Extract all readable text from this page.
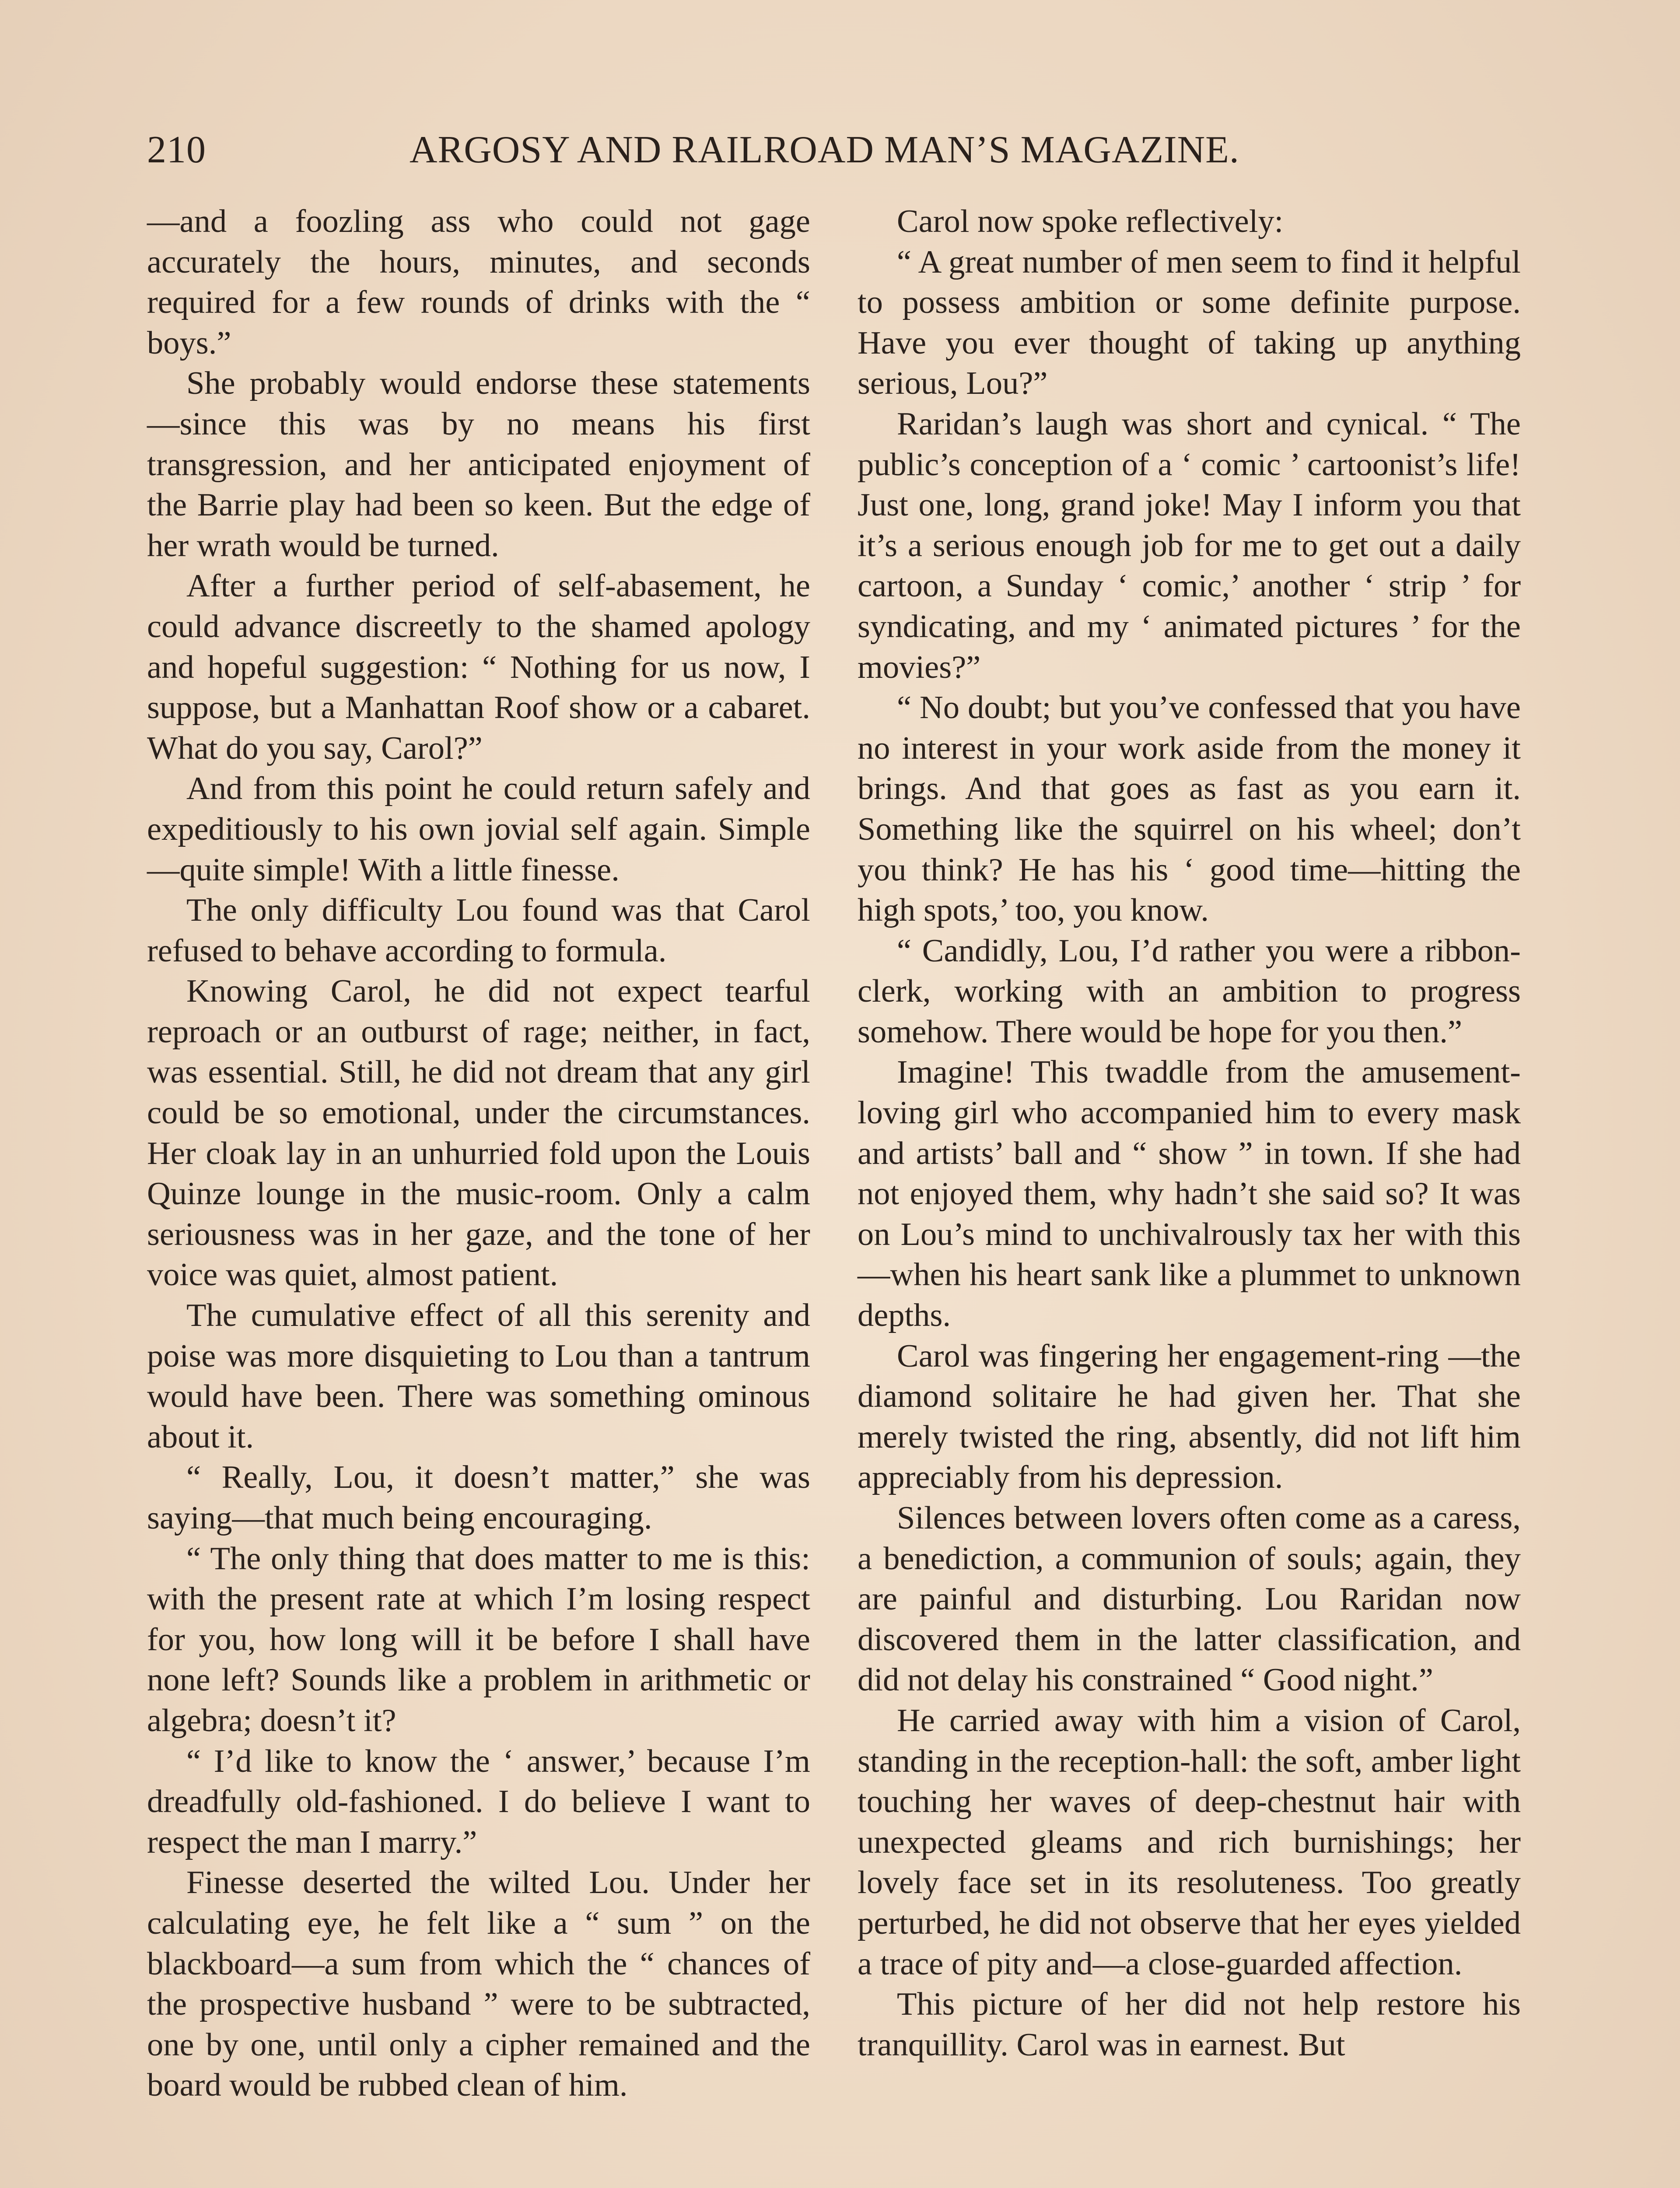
210	ARGOSY AND RAILROAD MAN’S MAGAZINE.

—and a foozling ass who could not gage accurately the hours, minutes, and seconds required for a few rounds of drinks with the “ boys.”

She probably would endorse these statements—since this was by no means his first transgression, and her anticipated enjoyment of the Barrie play had been so keen. But the edge of her wrath would be turned.

After a further period of self-abasement, he could advance discreetly to the shamed apology and hopeful suggestion: “ Nothing for us now, I suppose, but a Manhattan Roof show or a cabaret. What do you say, Carol?”

And from this point he could return safely and expeditiously to his own jovial self again. Simple—quite simple! With a little finesse.

The only difficulty Lou found was that Carol refused to behave according to formula.

Knowing Carol, he did not expect tearful reproach or an outburst of rage; neither, in fact, was essential. Still, he did not dream that any girl could be so emotional, under the circumstances. Her cloak lay in an unhurried fold upon the Louis Quinze lounge in the music-room. Only a calm seriousness was in her gaze, and the tone of her voice was quiet, almost patient.

The cumulative effect of all this serenity and poise was more disquieting to Lou than a tantrum would have been. There was something ominous about it.

“ Really, Lou, it doesn’t matter,” she was saying—that much being encouraging.

“ The only thing that does matter to me is this: with the present rate at which I’m losing respect for you, how long will it be before I shall have none left? Sounds like a problem in arithmetic or algebra; doesn’t it?

“ I’d like to know the ‘ answer,’ because I’m dreadfully old-fashioned. I do believe I want to respect the man I marry.”

Finesse deserted the wilted Lou. Under her calculating eye, he felt like a “ sum ” on the blackboard—a sum from which the “ chances of the prospective husband ” were to be subtracted, one by one, until only a cipher remained and the board would be rubbed clean of him.

Carol now spoke reflectively:

“ A great number of men seem to find it helpful to possess ambition or some definite purpose. Have you ever thought of taking up anything serious, Lou?”

Raridan’s laugh was short and cynical. “ The public’s conception of a ‘ comic ’ cartoonist’s life! Just one, long, grand joke! May I inform you that it’s a serious enough job for me to get out a daily cartoon, a Sunday ‘ comic,’ another ‘ strip ’ for syndicating, and my ‘ animated pictures ’ for the movies?”

“ No doubt; but you’ve confessed that you have no interest in your work aside from the money it brings. And that goes as fast as you earn it. Something like the squirrel on his wheel; don’t you think? He has his ‘ good time—hitting the high spots,’ too, you know.

“ Candidly, Lou, I’d rather you were a ribbon-clerk, working with an ambition to progress somehow. There would be hope for you then.”

Imagine! This twaddle from the amusement-loving girl who accompanied him to every mask and artists’ ball and “ show ” in town. If she had not enjoyed them, why hadn’t she said so? It was on Lou’s mind to unchivalrously tax her with this—when his heart sank like a plummet to unknown depths.

Carol was fingering her engagement-ring —the diamond solitaire he had given her. That she merely twisted the ring, absently, did not lift him appreciably from his depression.

Silences between lovers often come as a caress, a benediction, a communion of souls; again, they are painful and disturbing. Lou Raridan now discovered them in the latter classification, and did not delay his constrained “ Good night.”

He carried away with him a vision of Carol, standing in the reception-hall: the soft, amber light touching her waves of deep-chestnut hair with unexpected gleams and rich burnishings; her lovely face set in its resoluteness. Too greatly perturbed, he did not observe that her eyes yielded a trace of pity and—a close-guarded affection.

This picture of her did not help restore his tranquillity. Carol was in earnest. But
